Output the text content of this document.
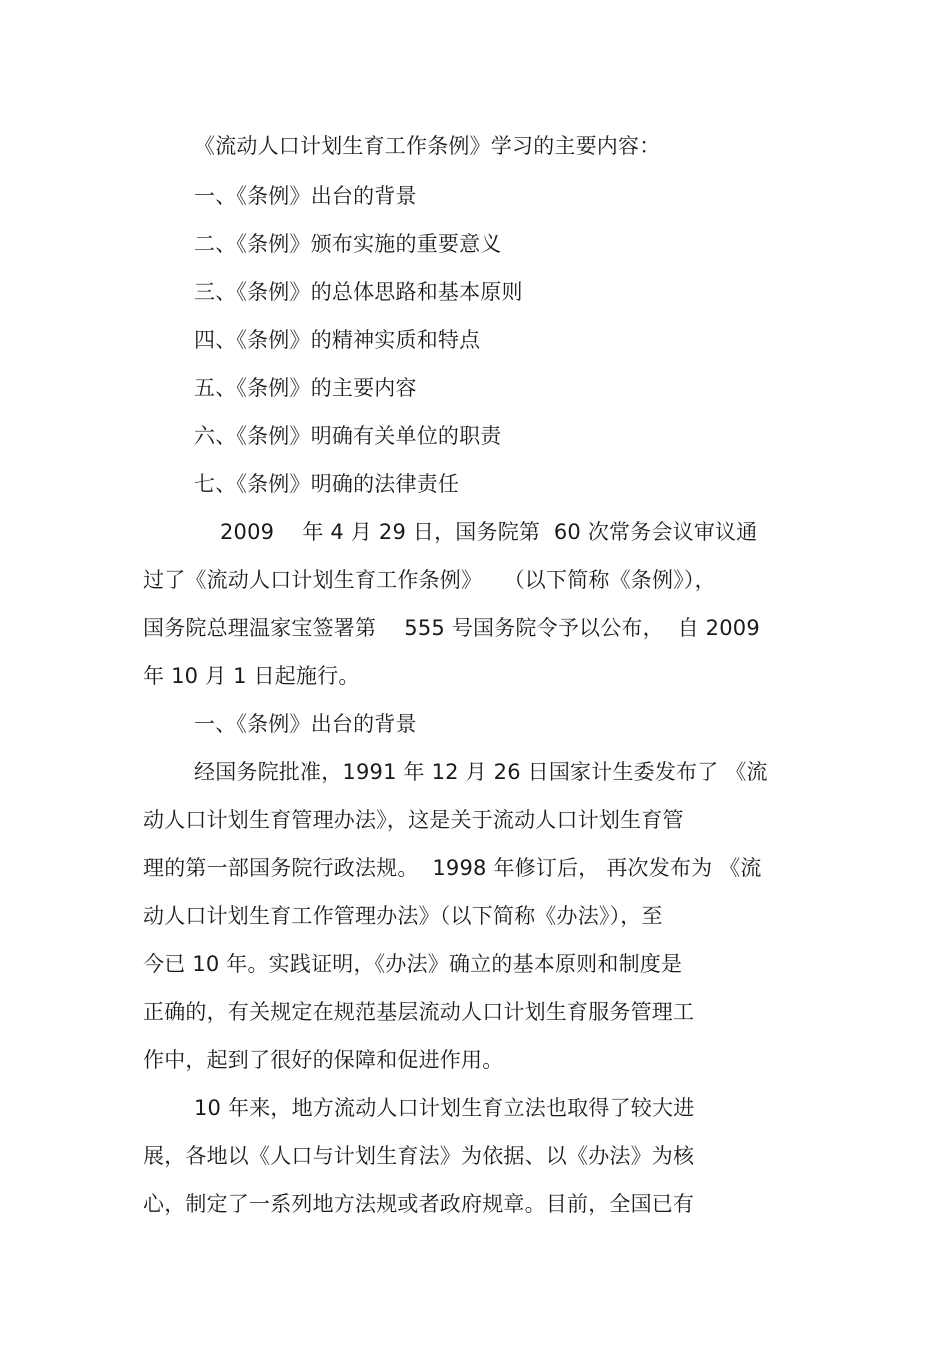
《流动人口计划生育工作条例》学习的主要内容：
一、《条例》出台的背景
二、《条例》颁布实施的重要意义
三、《条例》的总体思路和基本原则
四、《条例》的精神实质和特点
五、《条例》的主要内容
六、《条例》明确有关单位的职责
七、《条例》明确的法律责任
2009　 年 4 月 29 日，国务院第  60 次常务会议审议通
过了《流动人口计划生育工作条例》　　（以下简称《条例》），
国务院总理温家宝签署第　 555 号国务院令予以公布，  自 2009
年 10 月 1 日起施行。
一、《条例》出台的背景
经国务院批准，1991 年 12 月 26 日国家计生委发布了 《流
动人口计划生育管理办法》，这是关于流动人口计划生育管
理的第一部国务院行政法规。  1998 年修订后， 再次发布为 《流
动人口计划生育工作管理办法》（以下简称《办法》），至
今已 10 年。实践证明，《办法》确立的基本原则和制度是
正确的，有关规定在规范基层流动人口计划生育服务管理工
作中，起到了很好的保障和促进作用。
10 年来，地方流动人口计划生育立法也取得了较大进
展，各地以《人口与计划生育法》为依据、以《办法》为核
心，制定了一系列地方法规或者政府规章。目前，全国已有
